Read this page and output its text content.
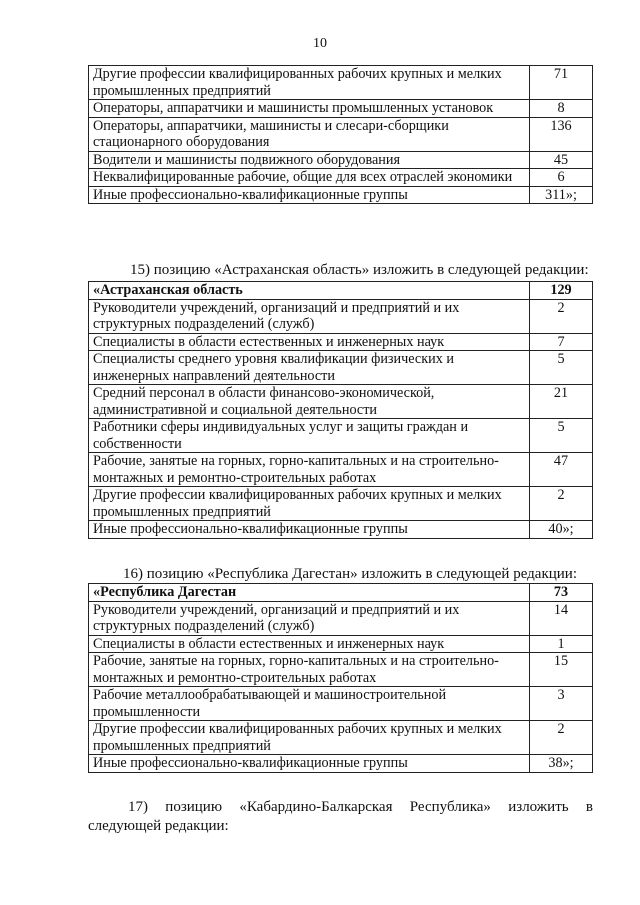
10
Другие профессии квалифицированных рабочих крупных и мелких промышленных предприятий	71
Операторы, аппаратчики и машинисты промышленных установок	8
Операторы, аппаратчики, машинисты и слесари-сборщики стационарного оборудования	136
Водители и машинисты подвижного оборудования	45
Неквалифицированные рабочие, общие для всех отраслей экономики	6
Иные профессионально-квалификационные группы	311»;
15) позицию «Астраханская область» изложить в следующей редакции:
«Астраханская область	129
Руководители учреждений, организаций и предприятий и их структурных подразделений (служб)	2
Специалисты в области естественных и инженерных наук	7
Специалисты среднего уровня квалификации физических и инженерных направлений деятельности	5
Средний персонал в области финансово-экономической, административной и социальной деятельности	21
Работники сферы индивидуальных услуг и защиты граждан и собственности	5
Рабочие, занятые на горных, горно-капитальных и на строительно-монтажных и ремонтно-строительных работах	47
Другие профессии квалифицированных рабочих крупных и мелких промышленных предприятий	2
Иные профессионально-квалификационные группы	40»;
16) позицию «Республика Дагестан» изложить в следующей редакции:
«Республика Дагестан	73
Руководители учреждений, организаций и предприятий и их структурных подразделений (служб)	14
Специалисты в области естественных и инженерных наук	1
Рабочие, занятые на горных, горно-капитальных и на строительно-монтажных и ремонтно-строительных работах	15
Рабочие металлообрабатывающей и машиностроительной промышленности	3
Другие профессии квалифицированных рабочих крупных и мелких промышленных предприятий	2
Иные профессионально-квалификационные группы	38»;
17) позицию «Кабардино-Балкарская Республика» изложить в следующей редакции:
